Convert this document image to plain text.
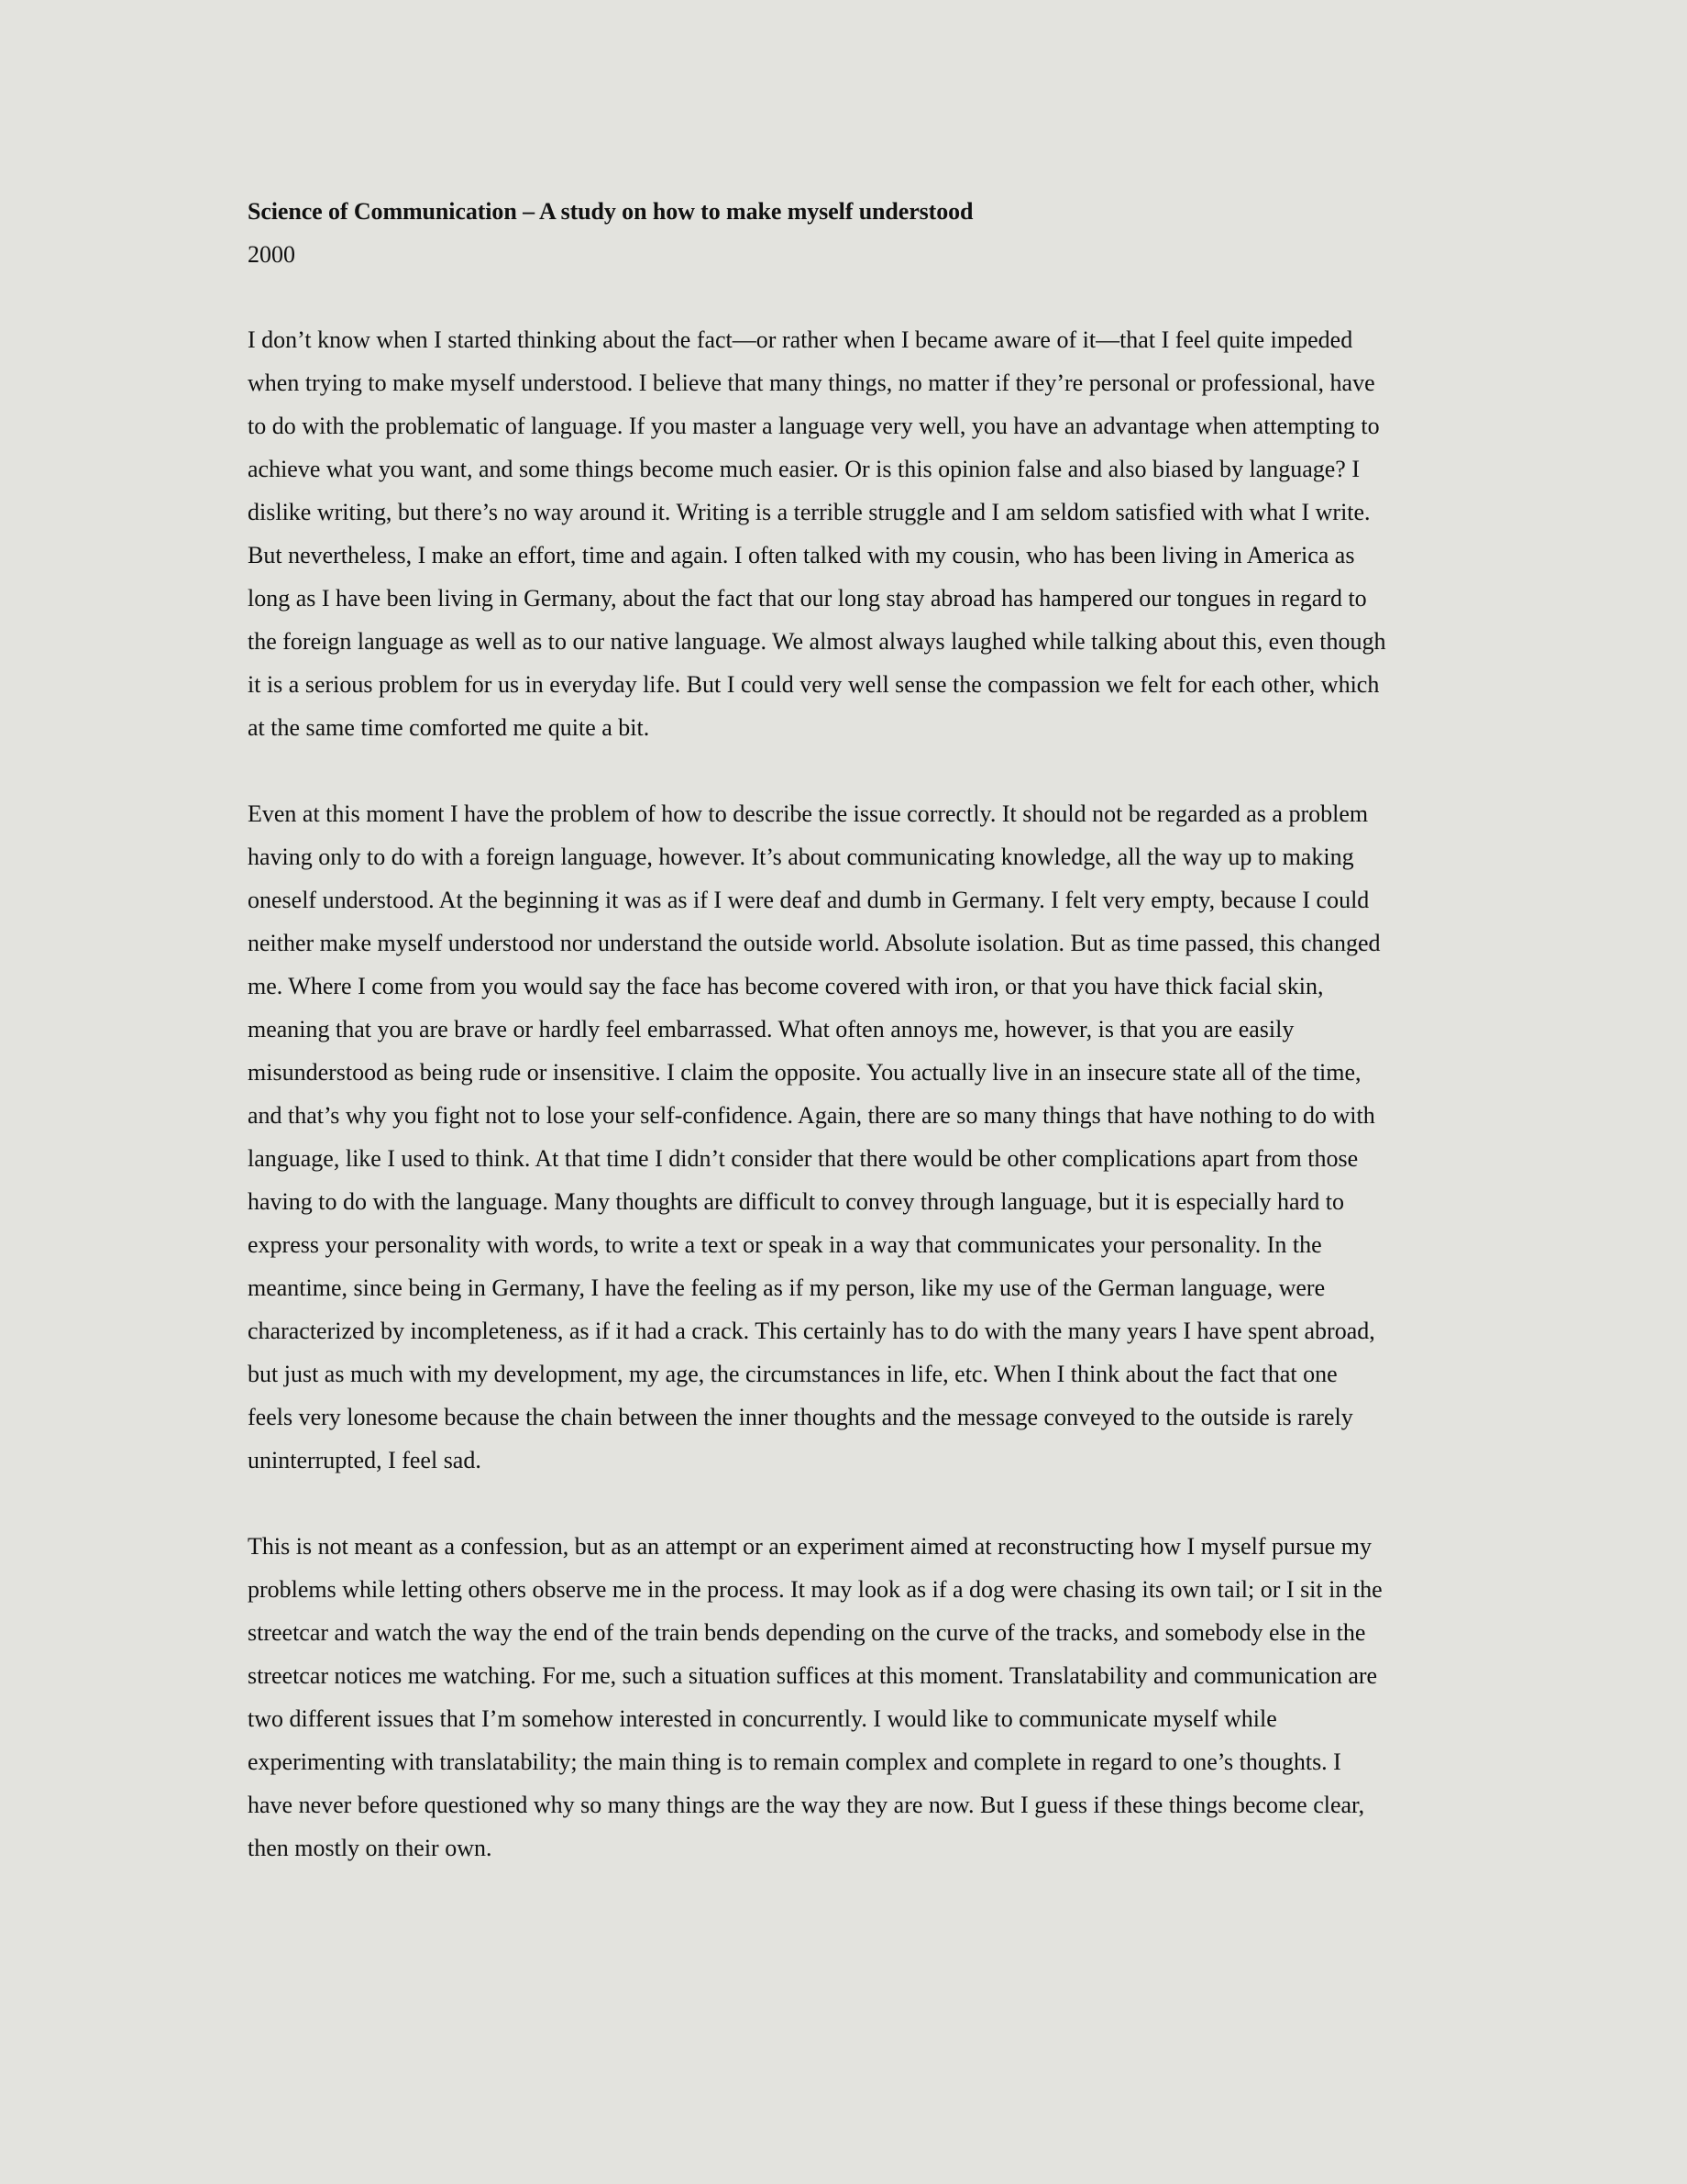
Science of Communication – A study on how to make myself understood

2000

I don’t know when I started thinking about the fact—or rather when I became aware of it—that I feel quite impeded
when trying to make myself understood. I believe that many things, no matter if they’re personal or professional, have
to do with the problematic of language. If you master a language very well, you have an advantage when attempting to
achieve what you want, and some things become much easier. Or is this opinion false and also biased by language? I
dislike writing, but there’s no way around it. Writing is a terrible struggle and I am seldom satisfied with what I write.
But nevertheless, I make an effort, time and again. I often talked with my cousin, who has been living in America as
long as I have been living in Germany, about the fact that our long stay abroad has hampered our tongues in regard to
the foreign language as well as to our native language. We almost always laughed while talking about this, even though
it is a serious problem for us in everyday life. But I could very well sense the compassion we felt for each other, which
at the same time comforted me quite a bit.
Even at this moment I have the problem of how to describe the issue correctly. It should not be regarded as a problem
having only to do with a foreign language, however. It’s about communicating knowledge, all the way up to making
oneself understood. At the beginning it was as if I were deaf and dumb in Germany. I felt very empty, because I could
neither make myself understood nor understand the outside world. Absolute isolation. But as time passed, this changed
me. Where I come from you would say the face has become covered with iron, or that you have thick facial skin,
meaning that you are brave or hardly feel embarrassed. What often annoys me, however, is that you are easily
misunderstood as being rude or insensitive. I claim the opposite. You actually live in an insecure state all of the time,
and that’s why you fight not to lose your self-confidence. Again, there are so many things that have nothing to do with
language, like I used to think. At that time I didn’t consider that there would be other complications apart from those
having to do with the language. Many thoughts are difficult to convey through language, but it is especially hard to
express your personality with words, to write a text or speak in a way that communicates your personality. In the
meantime, since being in Germany, I have the feeling as if my person, like my use of the German language, were
characterized by incompleteness, as if it had a crack. This certainly has to do with the many years I have spent abroad,
but just as much with my development, my age, the circumstances in life, etc. When I think about the fact that one
feels very lonesome because the chain between the inner thoughts and the message conveyed to the outside is rarely
uninterrupted, I feel sad.
This is not meant as a confession, but as an attempt or an experiment aimed at reconstructing how I myself pursue my
problems while letting others observe me in the process. It may look as if a dog were chasing its own tail; or I sit in the
streetcar and watch the way the end of the train bends depending on the curve of the tracks, and somebody else in the
streetcar notices me watching. For me, such a situation suffices at this moment. Translatability and communication are
two different issues that I’m somehow interested in concurrently. I would like to communicate myself while
experimenting with translatability; the main thing is to remain complex and complete in regard to one’s thoughts. I
have never before questioned why so many things are the way they are now. But I guess if these things become clear,
then mostly on their own.
